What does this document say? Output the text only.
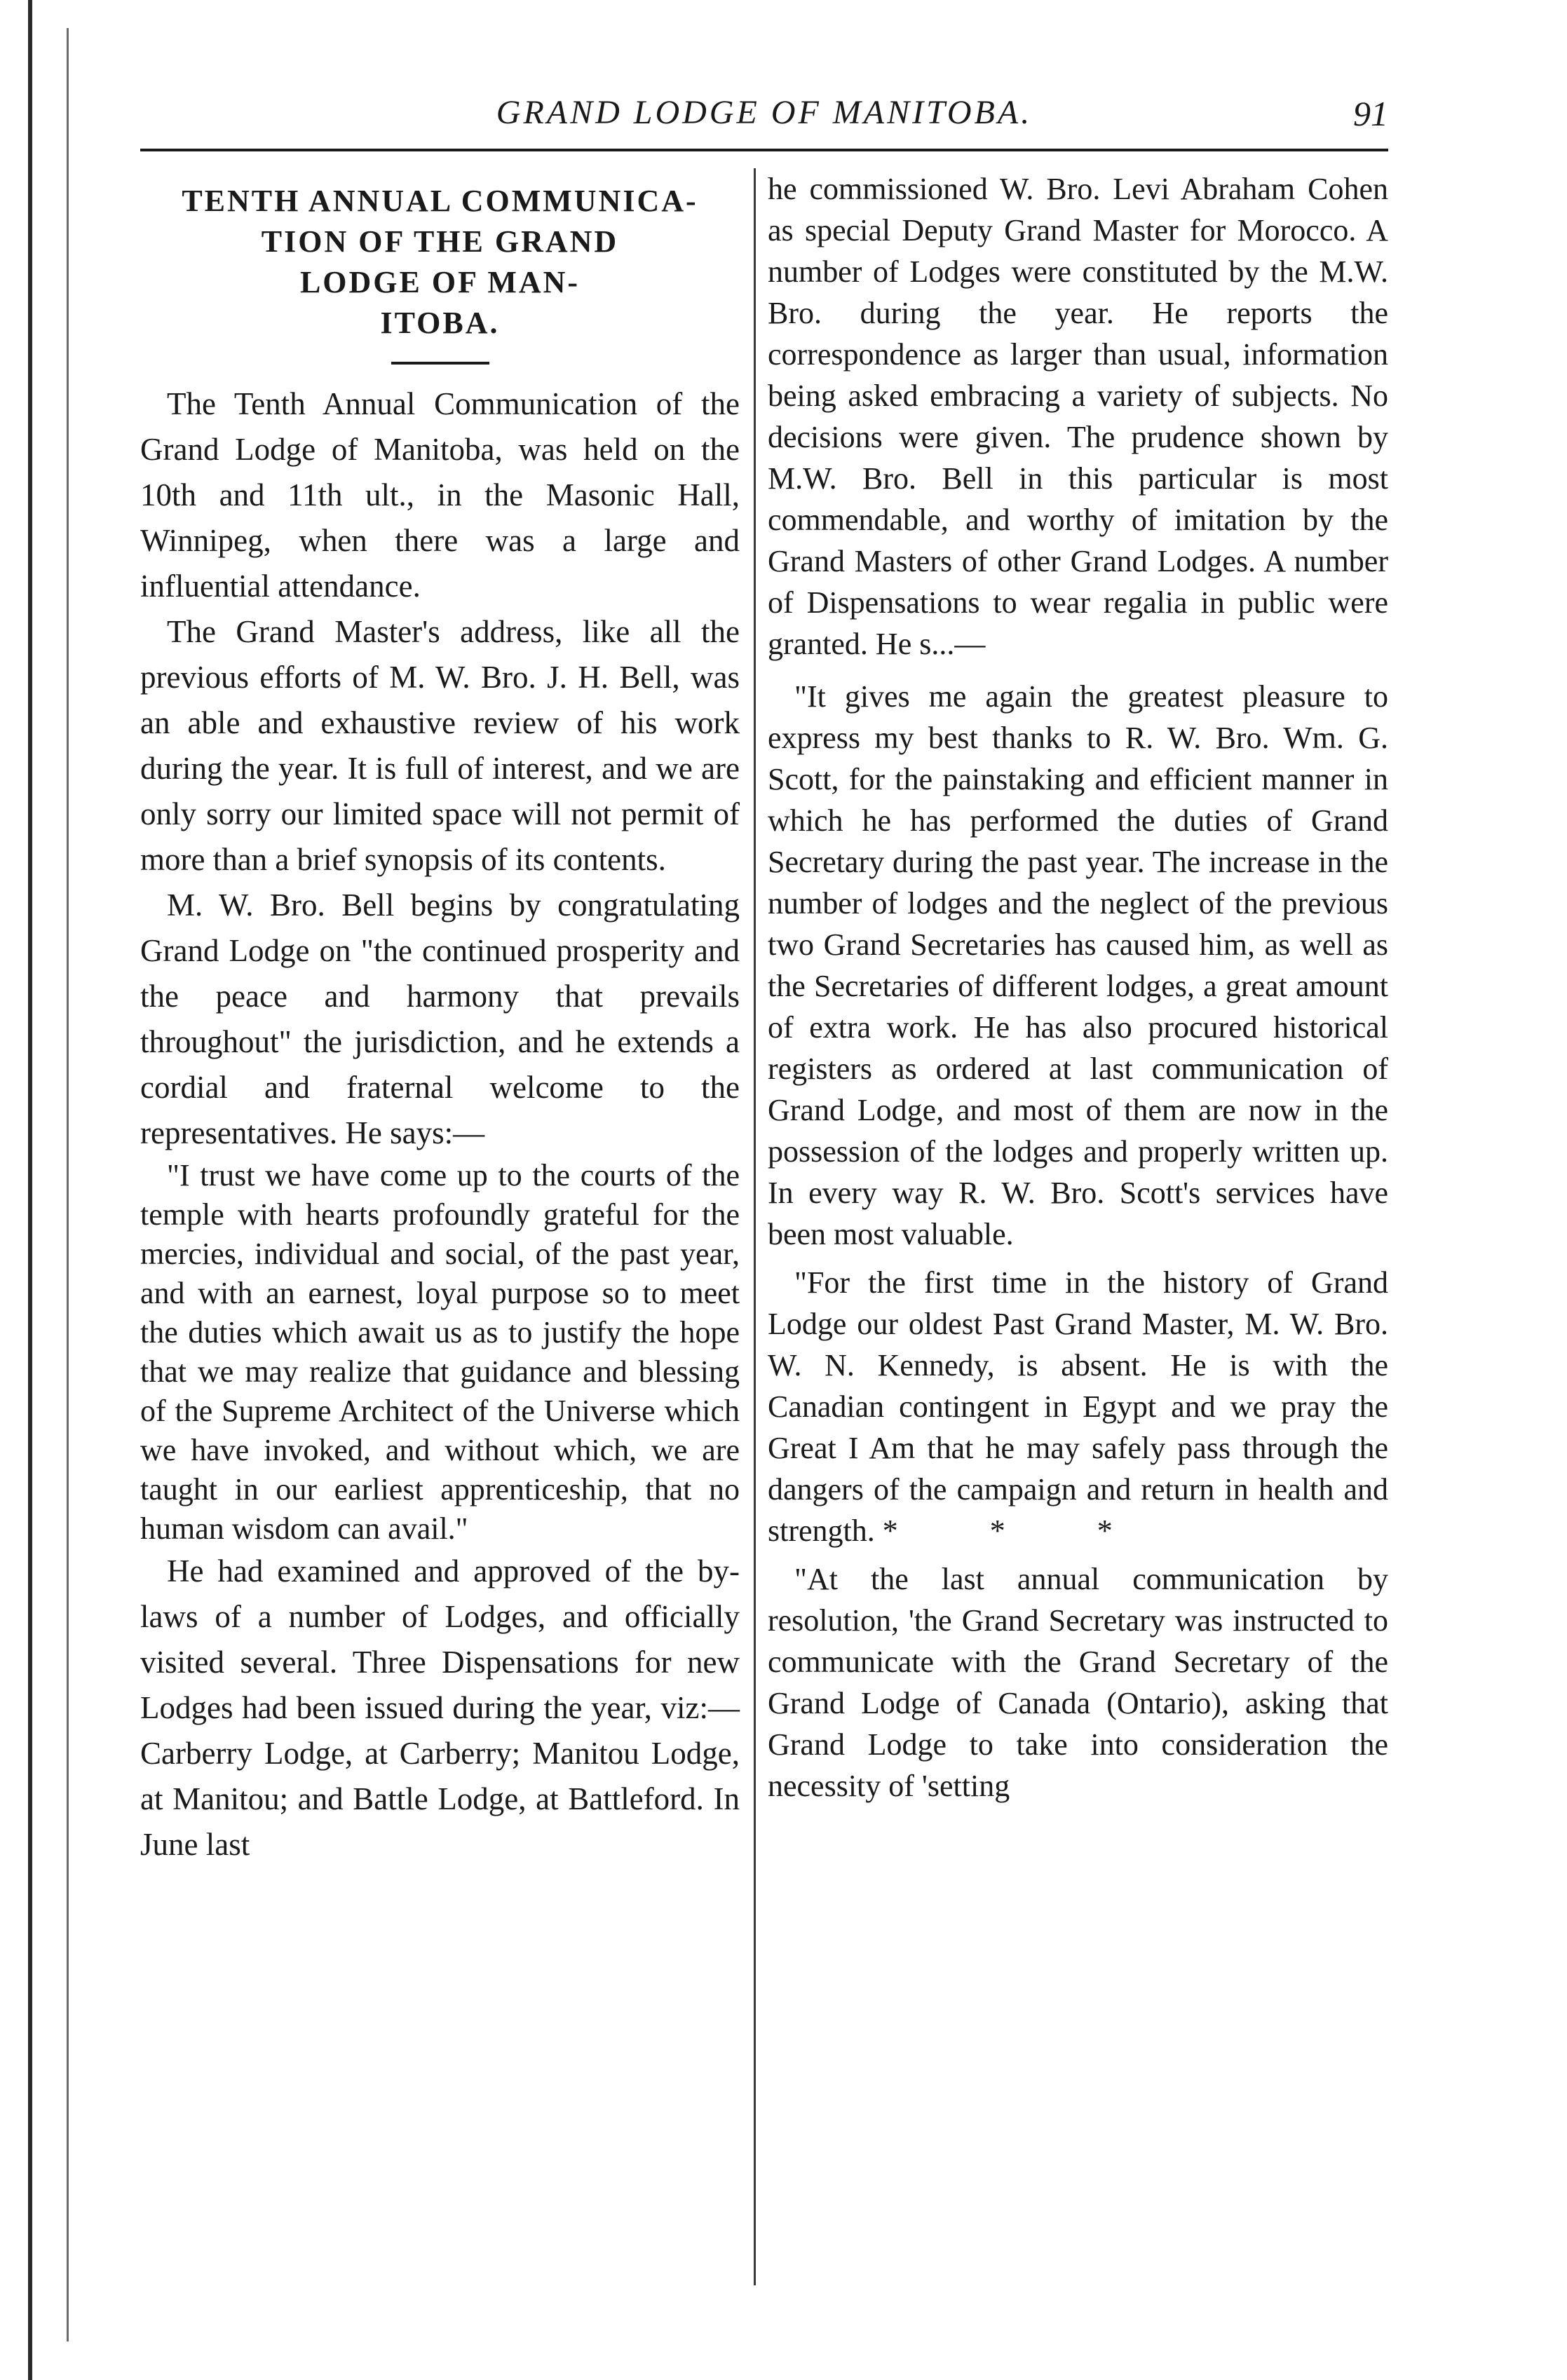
GRAND LODGE OF MANITOBA.	91
TENTH ANNUAL COMMUNICA-
TION OF THE GRAND
LODGE OF MAN-
ITOBA.

The Tenth Annual Communication of the Grand Lodge of Manitoba, was held on the 10th and 11th ult., in the Masonic Hall, Winnipeg, when there was a large and influential attendance.

The Grand Master's address, like all the previous efforts of M. W. Bro. J. H. Bell, was an able and exhaustive review of his work during the year. It is full of interest, and we are only sorry our limited space will not permit of more than a brief synopsis of its contents.

M. W. Bro. Bell begins by congratulating Grand Lodge on "the continued prosperity and the peace and harmony that prevails throughout" the jurisdiction, and he extends a cordial and fraternal welcome to the representatives. He says:—

"I trust we have come up to the courts of the temple with hearts profoundly grateful for the mercies, individual and social, of the past year, and with an earnest, loyal purpose so to meet the duties which await us as to justify the hope that we may realize that guidance and blessing of the Supreme Architect of the Universe which we have invoked, and without which, we are taught in our earliest apprenticeship, that no human wisdom can avail."

He had examined and approved of the by-laws of a number of Lodges, and officially visited several. Three Dispensations for new Lodges had been issued during the year, viz:— Carberry Lodge, at Carberry; Manitou Lodge, at Manitou; and Battle Lodge, at Battleford. In June last

he commissioned W. Bro. Levi Abraham Cohen as special Deputy Grand Master for Morocco. A number of Lodges were constituted by the M.W. Bro. during the year. He reports the correspondence as larger than usual, information being asked embracing a variety of subjects. No decisions were given. The prudence shown by M.W. Bro. Bell in this particular is most commendable, and worthy of imitation by the Grand Masters of other Grand Lodges. A number of Dispensations to wear regalia in public were granted. He s...—

"It gives me again the greatest pleasure to express my best thanks to R. W. Bro. Wm. G. Scott, for the painstaking and efficient manner in which he has performed the duties of Grand Secretary during the past year. The increase in the number of lodges and the neglect of the previous two Grand Secretaries has caused him, as well as the Secretaries of different lodges, a great amount of extra work. He has also procured historical registers as ordered at last communication of Grand Lodge, and most of them are now in the possession of the lodges and properly written up. In every way R. W. Bro. Scott's services have been most valuable.

"For the first time in the history of Grand Lodge our oldest Past Grand Master, M. W. Bro. W. N. Kennedy, is absent. He is with the Canadian contingent in Egypt and we pray the Great I Am that he may safely pass through the dangers of the campaign and return in health and strength. * * *

"At the last annual communication by resolution, 'the Grand Secretary was instructed to communicate with the Grand Secretary of the Grand Lodge of Canada (Ontario), asking that Grand Lodge to take into consideration the necessity of 'setting
